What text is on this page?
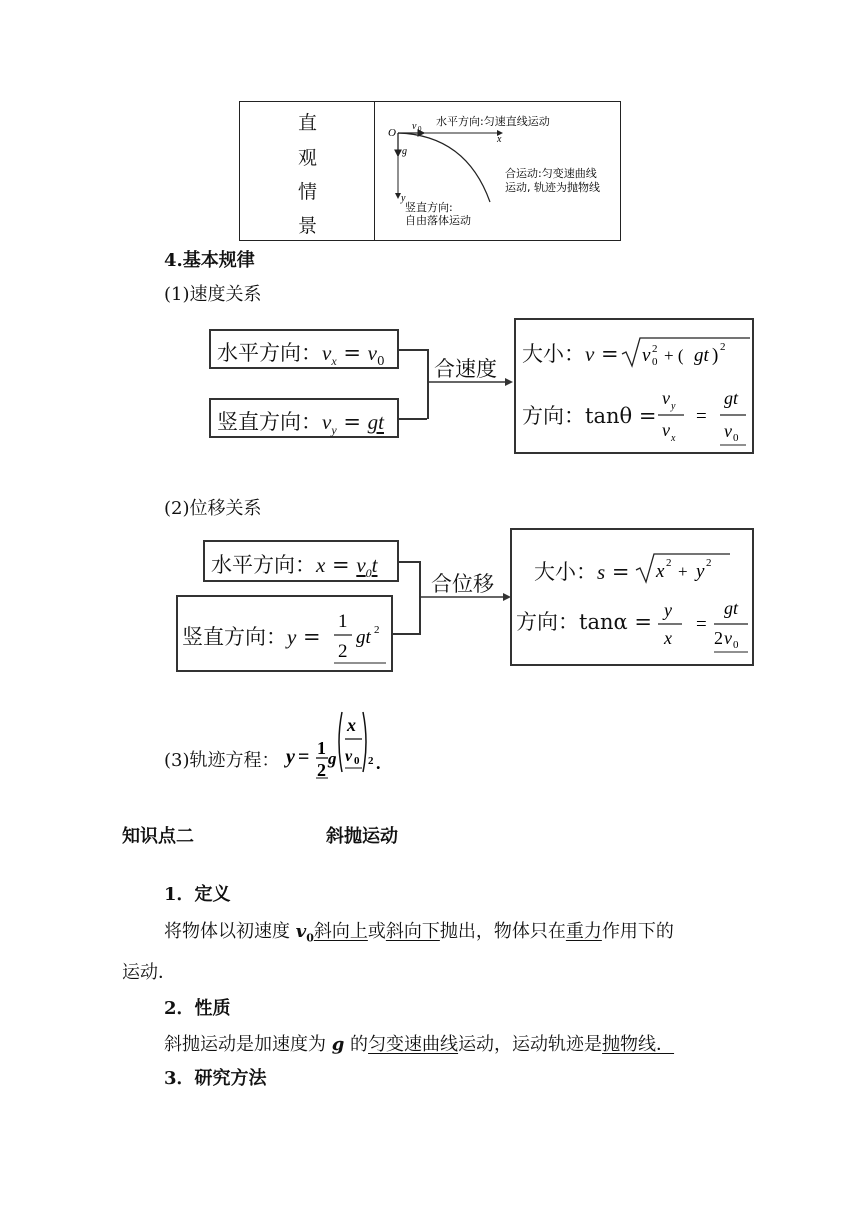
直
观
情
景
O
v 0
水平方向:匀速直线运动
x
g
y
合运动:匀变速曲线
运动, 轨迹为抛物线
竖直方向:
自由落体运动
4.基本规律
(1)速度关系
水平方向：$v_x = v_0$
竖直方向：$v_y$ = gt
合速度
大小：v = v 2
0 + ( gt ) 2
方向：tanθ =
v y
v x
=
gt
v 0
(2)位移关系
水平方向：$x = v_0t$
竖直方向：y =
1
2
gt 2
合位移 大小：s = x 2 + y 2
方向：tanα = y
x
=
gt
2 v 0
(3)轨迹方程： y = 1
2
g
x
v 0 2 .
知识点二	斜抛运动
1．定义
将物体以初速度 $v_0$斜向上或斜向下抛出，物体只在重力作用下的
运动．
2．性质
斜抛运动是加速度为 g 的匀变速曲线运动，运动轨迹是抛物线．
3．研究方法
